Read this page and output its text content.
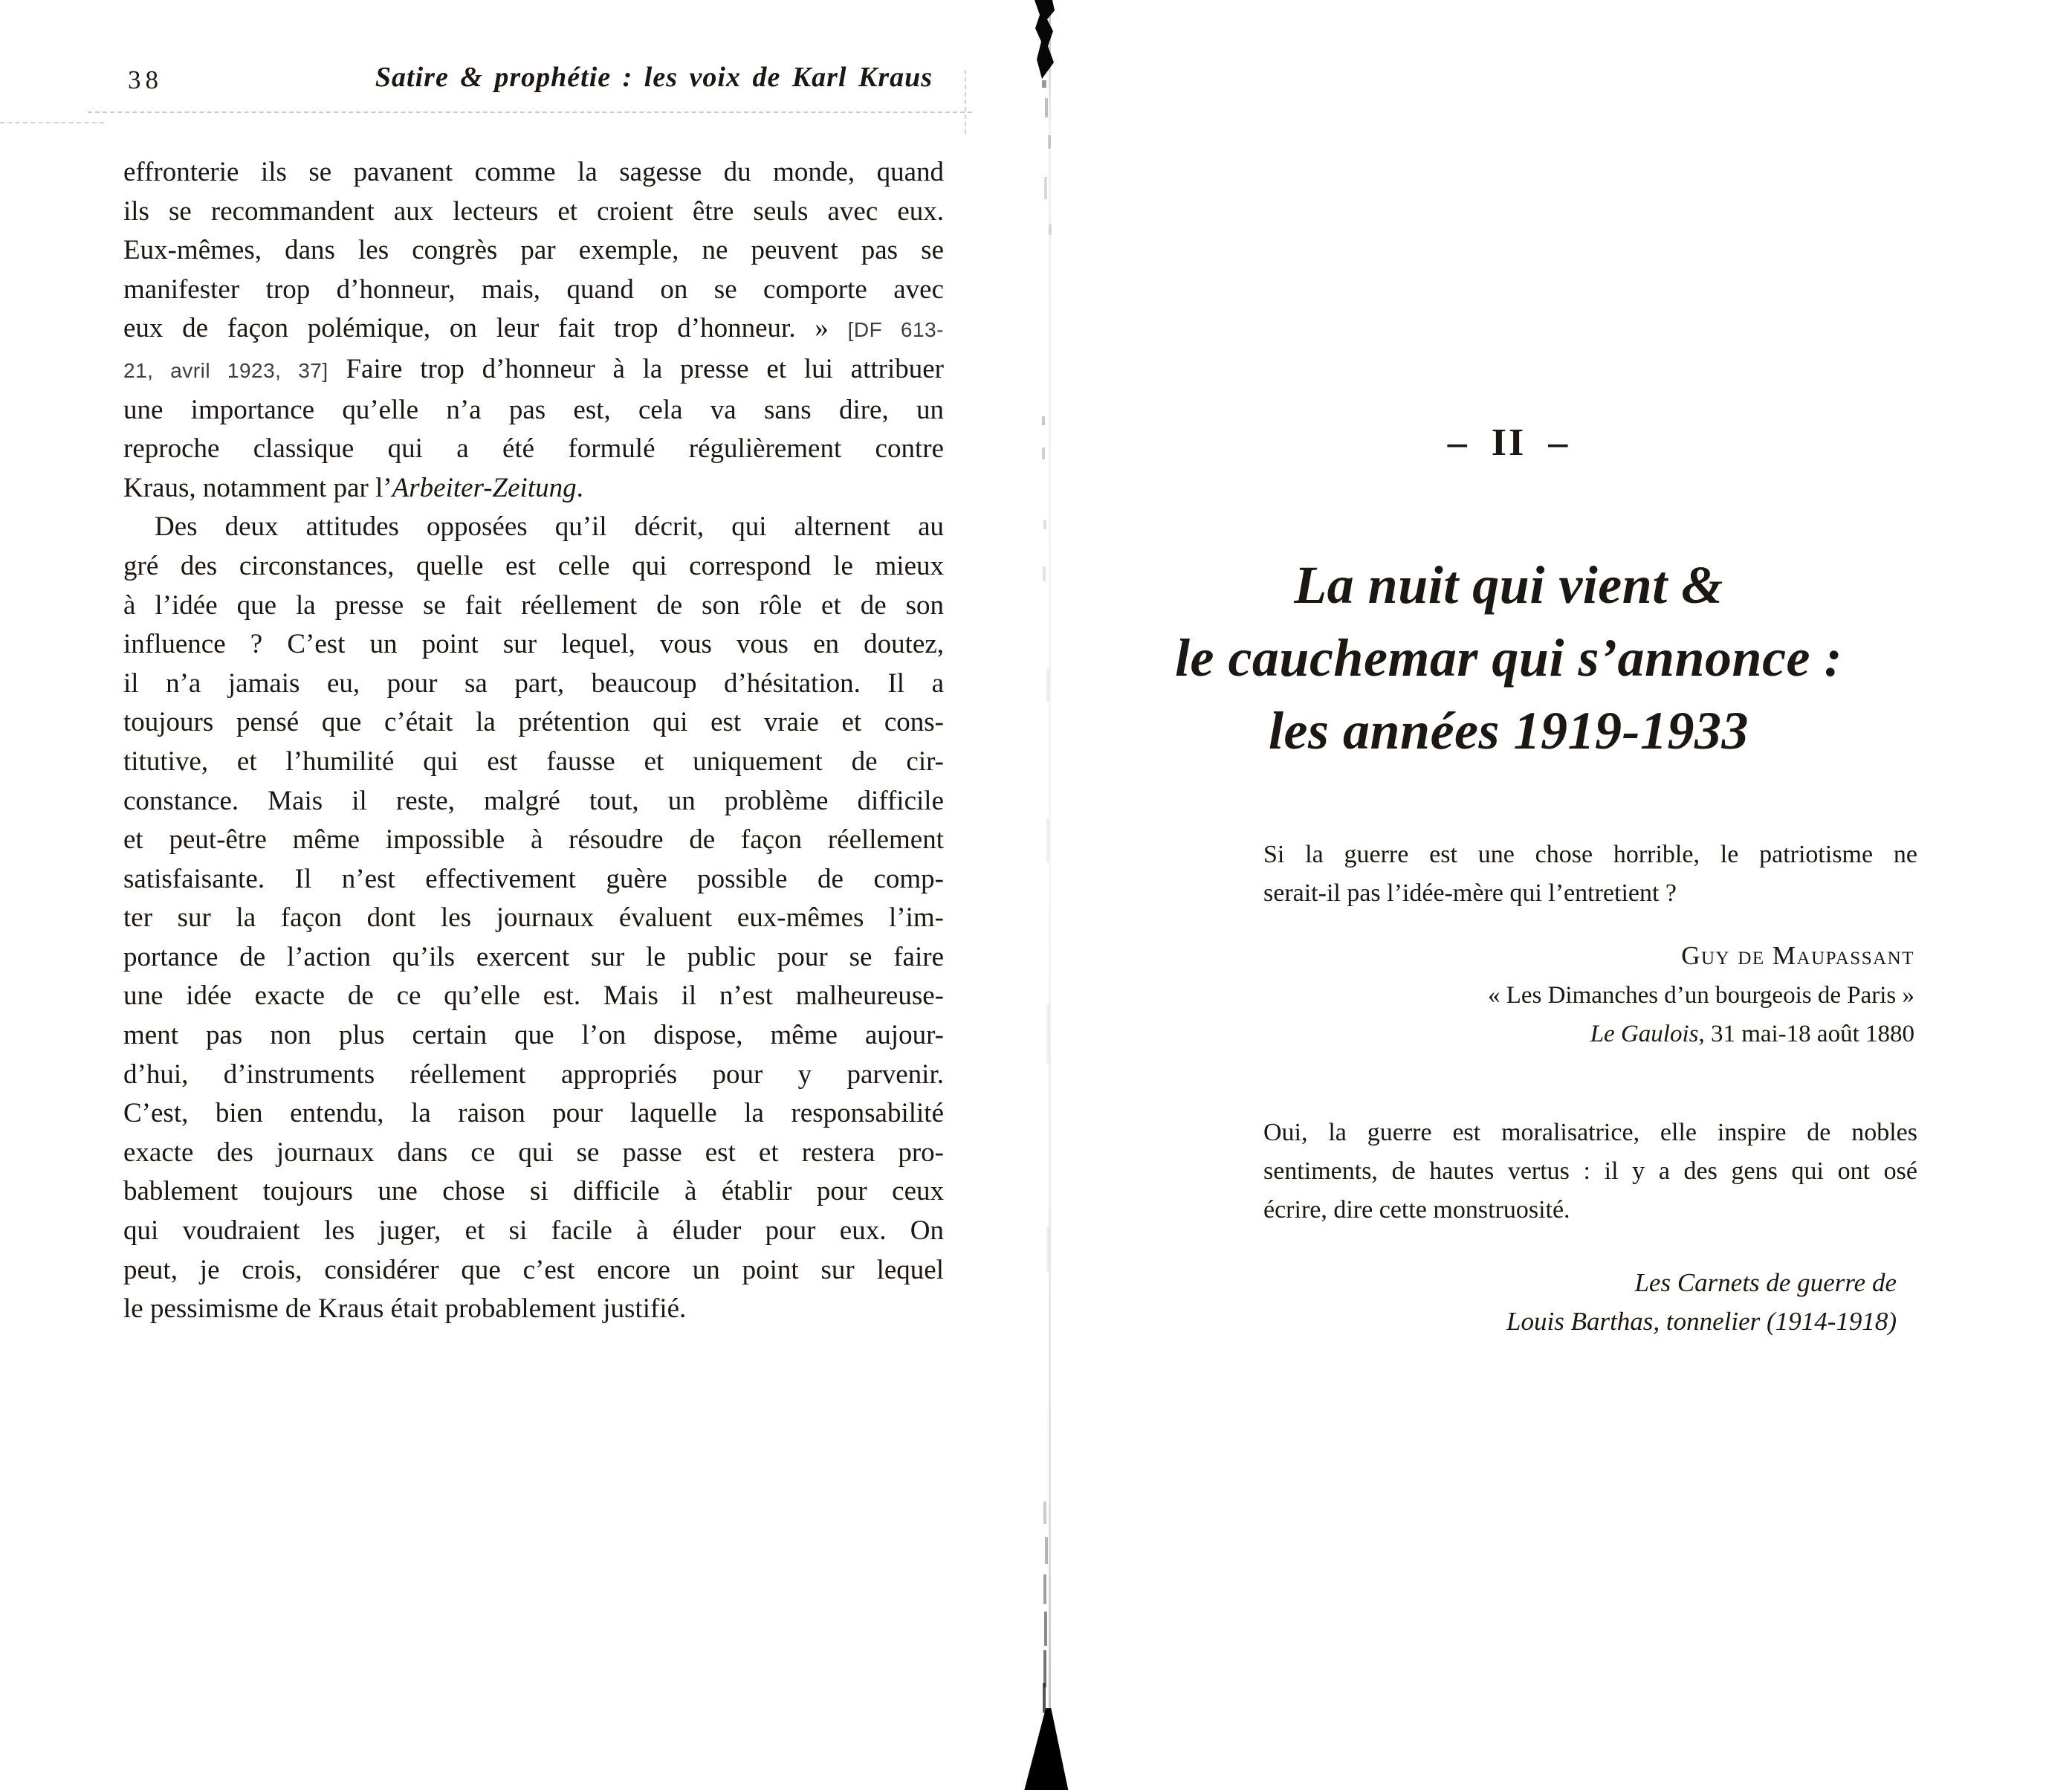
38	Satire & prophétie : les voix de Karl Kraus
effronterie ils se pavanent comme la sagesse du monde, quand
ils se recommandent aux lecteurs et croient être seuls avec eux.
Eux-mêmes, dans les congrès par exemple, ne peuvent pas se
manifester trop d’honneur, mais, quand on se comporte avec
eux de façon polémique, on leur fait trop d’honneur. » [DF 613-
21, avril 1923, 37] Faire trop d’honneur à la presse et lui attribuer
une importance qu’elle n’a pas est, cela va sans dire, un
reproche classique qui a été formulé régulièrement contre
Kraus, notamment par l’Arbeiter-Zeitung.
Des deux attitudes opposées qu’il décrit, qui alternent au
gré des circonstances, quelle est celle qui correspond le mieux
à l’idée que la presse se fait réellement de son rôle et de son
influence ? C’est un point sur lequel, vous vous en doutez,
il n’a jamais eu, pour sa part, beaucoup d’hésitation. Il a
toujours pensé que c’était la prétention qui est vraie et cons-
titutive, et l’humilité qui est fausse et uniquement de cir-
constance. Mais il reste, malgré tout, un problème difficile
et peut-être même impossible à résoudre de façon réellement
satisfaisante. Il n’est effectivement guère possible de comp-
ter sur la façon dont les journaux évaluent eux-mêmes l’im-
portance de l’action qu’ils exercent sur le public pour se faire
une idée exacte de ce qu’elle est. Mais il n’est malheureuse-
ment pas non plus certain que l’on dispose, même aujour-
d’hui, d’instruments réellement appropriés pour y parvenir.
C’est, bien entendu, la raison pour laquelle la responsabilité
exacte des journaux dans ce qui se passe est et restera pro-
bablement toujours une chose si difficile à établir pour ceux
qui voudraient les juger, et si facile à éluder pour eux. On
peut, je crois, considérer que c’est encore un point sur lequel
le pessimisme de Kraus était probablement justifié.
– II –
La nuit qui vient &
le cauchemar qui s’annonce :
les années 1919-1933
Si la guerre est une chose horrible, le patriotisme ne
serait-il pas l’idée-mère qui l’entretient ?
Guy de Maupassant
« Les Dimanches d’un bourgeois de Paris »
Le Gaulois, 31 mai-18 août 1880
Oui, la guerre est moralisatrice, elle inspire de nobles
sentiments, de hautes vertus : il y a des gens qui ont osé
écrire, dire cette monstruosité.
Les Carnets de guerre de
Louis Barthas, tonnelier (1914-1918)
